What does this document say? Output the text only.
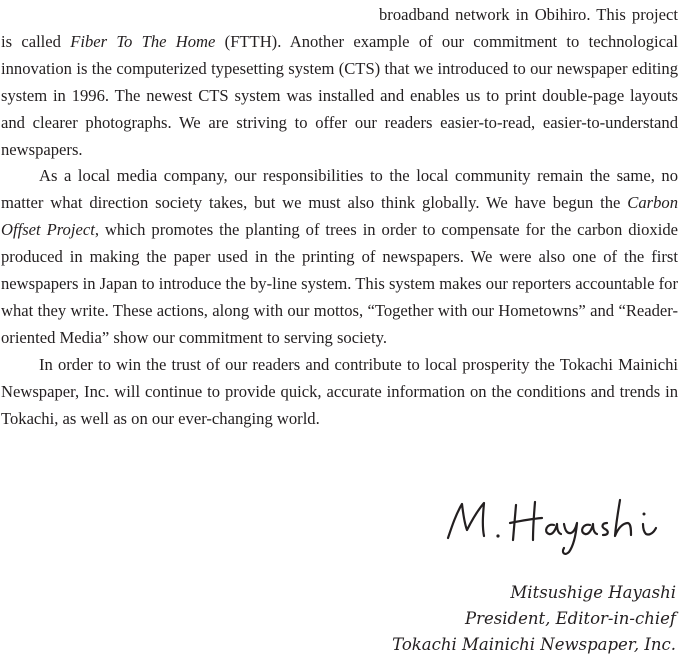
broadband network in Obihiro. This project is called Fiber To The Home (FTTH). Another example of our commitment to technological innovation is the computerized typesetting system (CTS) that we introduced to our newspaper editing system in 1996. The newest CTS system was installed and enables us to print double-page layouts and clearer photographs. We are striving to offer our readers easier-to-read, easier-to-understand newspapers.

As a local media company, our responsibilities to the local community remain the same, no matter what direction society takes, but we must also think globally. We have begun the Carbon Offset Project, which promotes the planting of trees in order to compensate for the carbon dioxide produced in making the paper used in the printing of newspapers. We were also one of the first newspapers in Japan to introduce the by-line system. This system makes our reporters accountable for what they write. These actions, along with our mottos, “Together with our Hometowns” and “Reader-oriented Media” show our commitment to serving society.

In order to win the trust of our readers and contribute to local prosperity the Tokachi Mainichi Newspaper, Inc. will continue to provide quick, accurate information on the conditions and trends in Tokachi, as well as on our ever-changing world.

Mitsushige Hayashi
President, Editor-in-chief
Tokachi Mainichi Newspaper, Inc.
